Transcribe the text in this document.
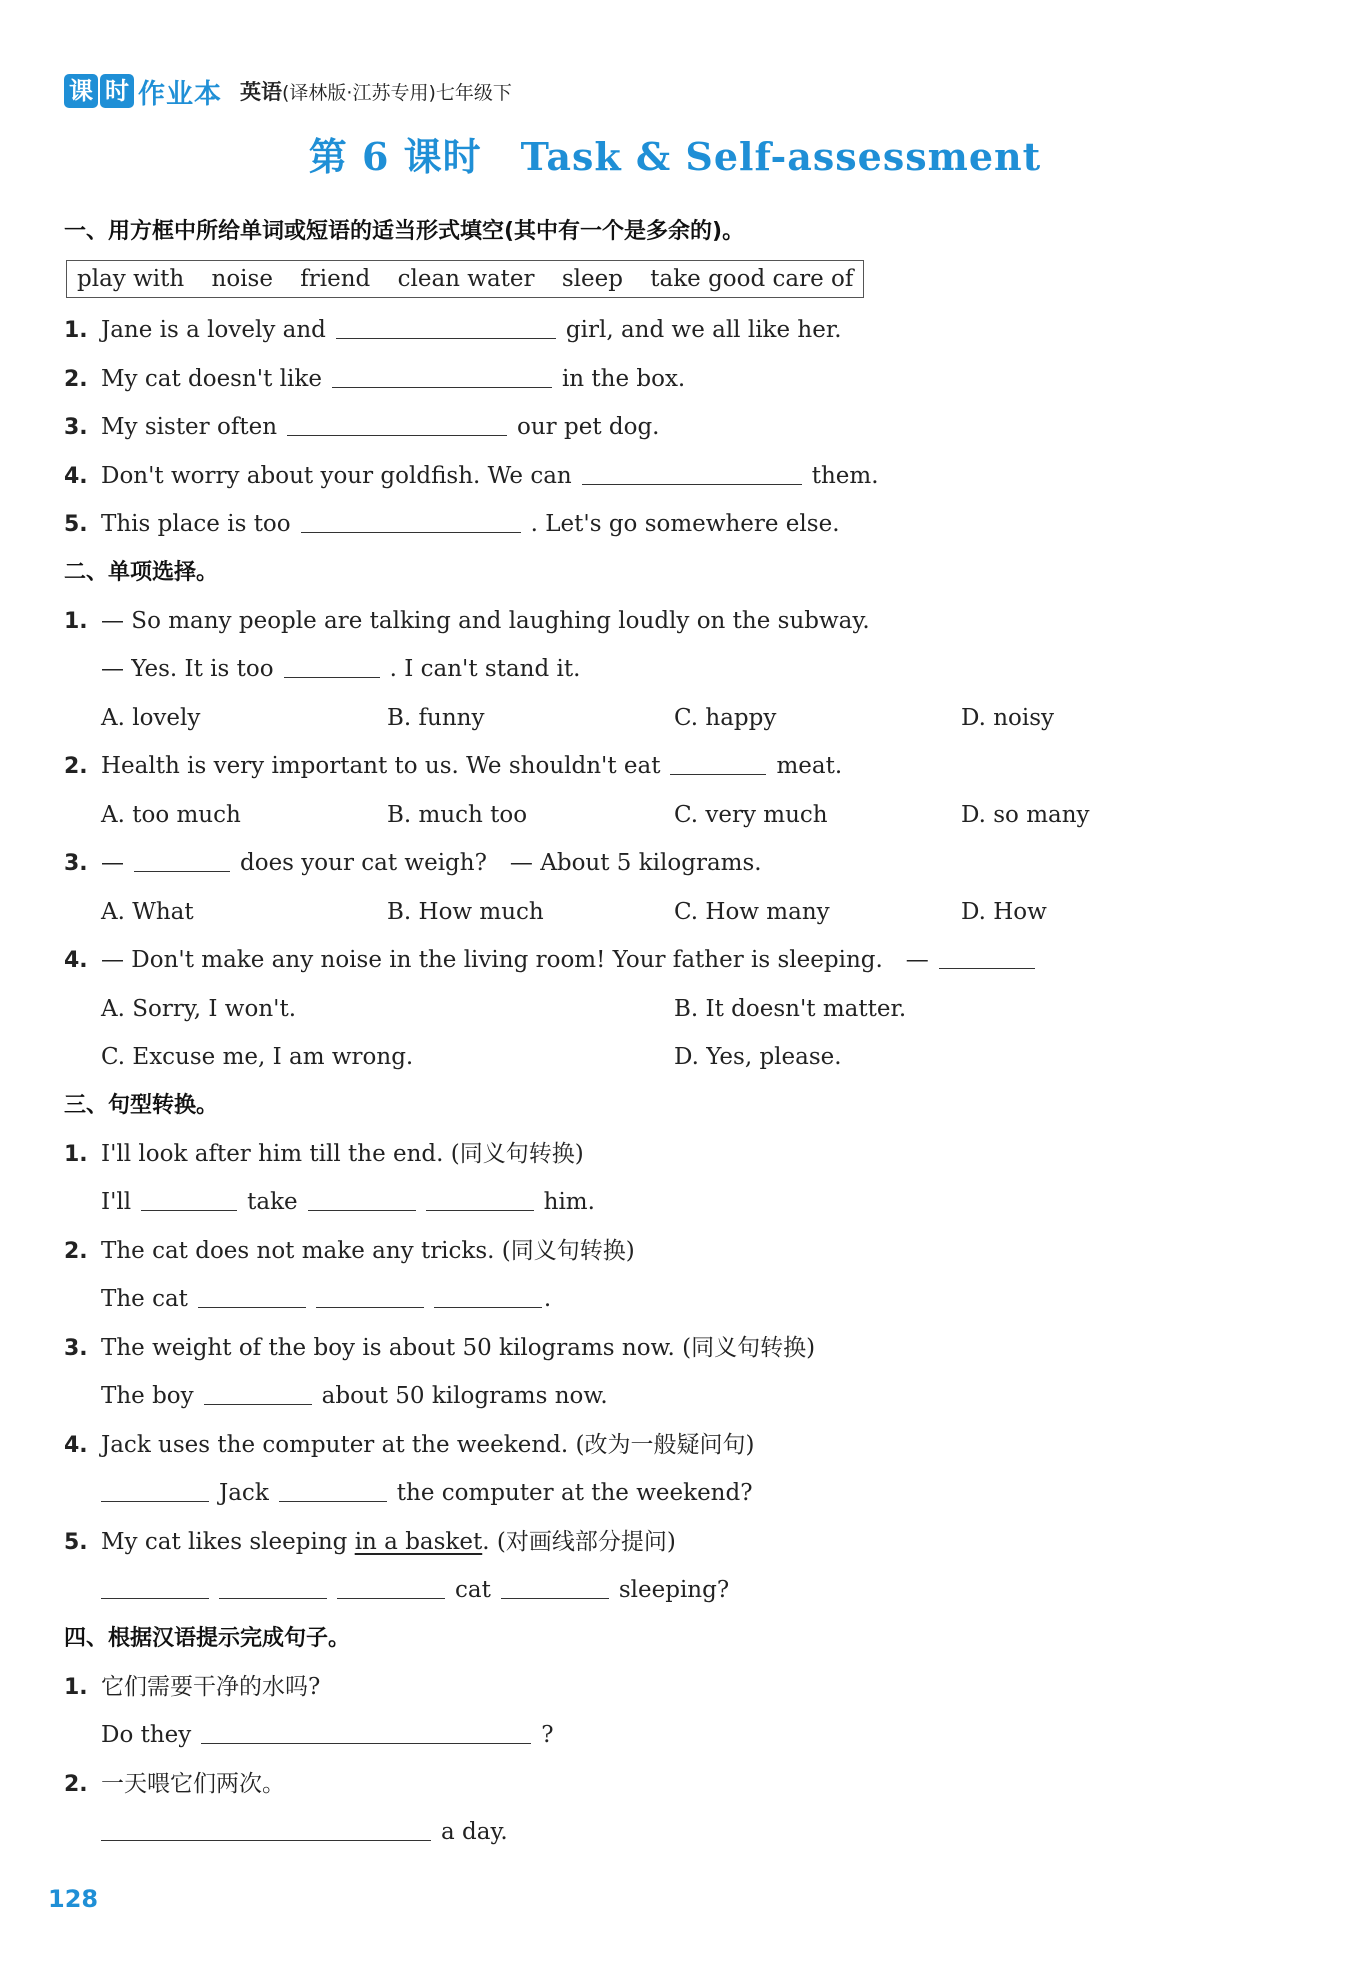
课 时 作业本 英语(译林版·江苏专用)七年级下
第 6 课时　Task & Self-assessment
一、用方框中所给单词或短语的适当形式填空(其中有一个是多余的)。
play with noise friend clean water sleep take good care of
1. Jane is a lovely and	girl, and we all like her.
2. My cat doesn't like	in the box.
3. My sister often	our pet dog.
4. Don't worry about your goldfish. We can	them.
5. This place is too	. Let's go somewhere else.
二、单项选择。
1. — So many people are talking and laughing loudly on the subway.
— Yes. It is too	. I can't stand it.
A. lovely	B. funny	C. happy	D. noisy
2. Health is very important to us. We shouldn't eat	meat.
A. too much	B. much too	C. very much	D. so many
3. —	does your cat weigh?　— About 5 kilograms.
A. What	B. How much	C. How many	D. How
4. — Don't make any noise in the living room! Your father is sleeping.　—
A. Sorry, I won't.	B. It doesn't matter.
C. Excuse me, I am wrong.	D. Yes, please.
三、句型转换。
1. I'll look after him till the end. (同义句转换)
I'll	take	him.
2. The cat does not make any tricks. (同义句转换)
The cat	.
3. The weight of the boy is about 50 kilograms now. (同义句转换)
The boy	about 50 kilograms now.
4. Jack uses the computer at the weekend. (改为一般疑问句)
Jack	the computer at the weekend?
5. My cat likes sleeping in a basket. (对画线部分提问)
cat	sleeping?
四、根据汉语提示完成句子。
1. 它们需要干净的水吗?
Do they	?
2. 一天喂它们两次。
a day.
128
